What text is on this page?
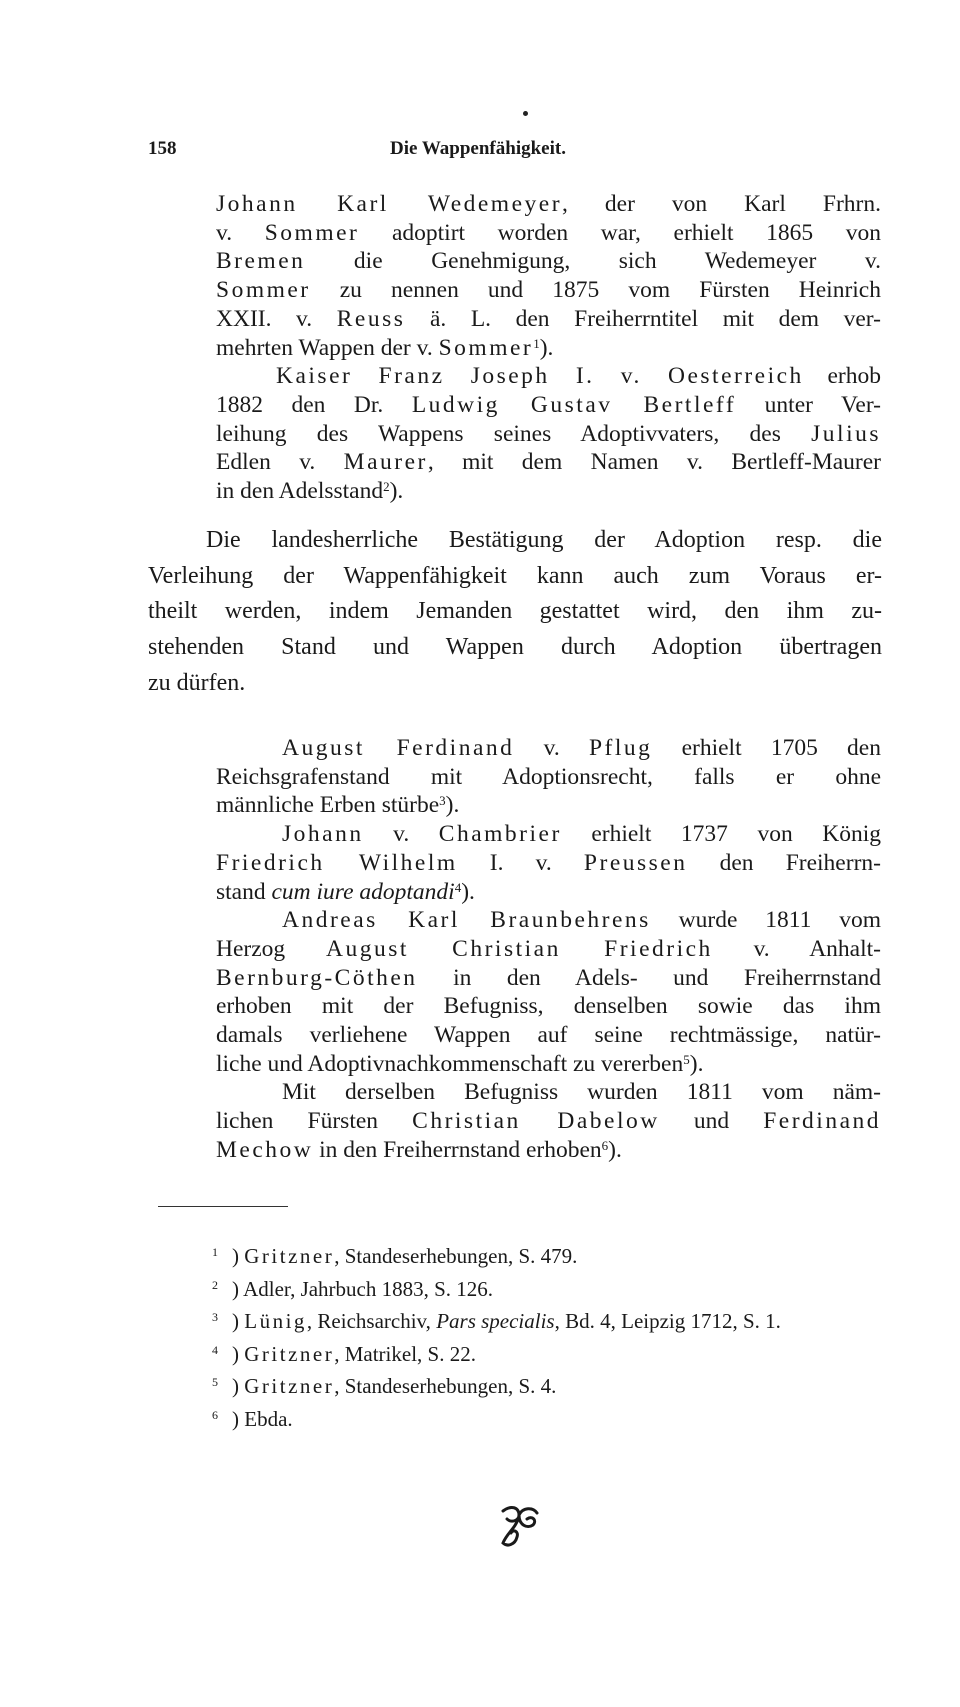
158	Die Wappenfähigkeit.
Johann Karl Wedemeyer, der von Karl Frhrn.
v. Sommer adoptirt worden war, erhielt 1865 von
Bremen die Genehmigung, sich Wedemeyer v.
Sommer zu nennen und 1875 vom Fürsten Heinrich
XXII. v. Reuss ä. L. den Freiherrntitel mit dem ver-
mehrten Wappen der v. Sommer$^1$).
Kaiser Franz Joseph I. v. Oesterreich erhob
1882 den Dr. Ludwig Gustav Bertleff unter Ver-
leihung des Wappens seines Adoptivvaters, des Julius
Edlen v. Maurer, mit dem Namen v. Bertleff-Maurer
in den Adelsstand$^2$).
Die landesherrliche Bestätigung der Adoption resp. die
Verleihung der Wappenfähigkeit kann auch zum Voraus er-
theilt werden, indem Jemanden gestattet wird, den ihm zu-
stehenden Stand und Wappen durch Adoption übertragen
zu dürfen.
August Ferdinand v. Pflug erhielt 1705 den
Reichsgrafenstand mit Adoptionsrecht, falls er ohne
männliche Erben stürbe$^3$).
Johann v. Chambrier erhielt 1737 von König
Friedrich Wilhelm I. v. Preussen den Freiherrn-
stand cum iure adoptandi$^4$).
Andreas Karl Braunbehrens wurde 1811 vom
Herzog August Christian Friedrich v. Anhalt-
Bernburg-Cöthen in den Adels- und Freiherrnstand
erhoben mit der Befugniss, denselben sowie das ihm
damals verliehene Wappen auf seine rechtmässige, natür-
liche und Adoptivnachkommenschaft zu vererben$^5$).
Mit derselben Befugniss wurden 1811 vom näm-
lichen Fürsten Christian Dabelow und Ferdinand
Mechow in den Freiherrnstand erhoben$^6$).
1 ) Gritzner, Standeserhebungen, S. 479.
2 ) Adler, Jahrbuch 1883, S. 126.
3 ) Lünig, Reichsarchiv, Pars specialis, Bd. 4, Leipzig 1712, S. 1.
4 ) Gritzner, Matrikel, S. 22.
5 ) Gritzner, Standeserhebungen, S. 4.
6 ) Ebda.
